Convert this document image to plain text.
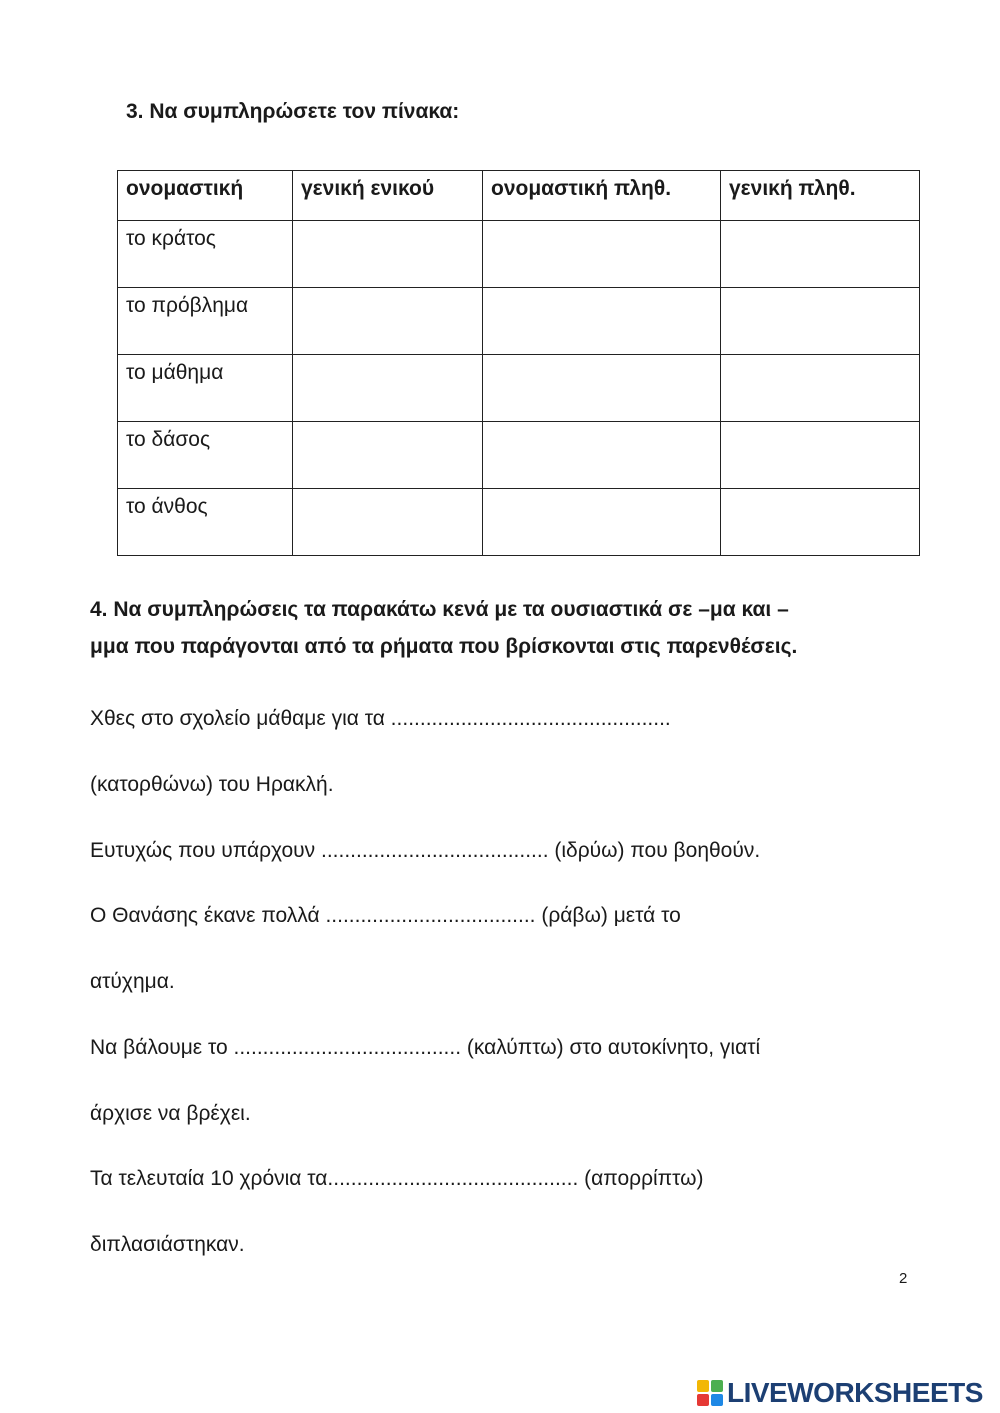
3. Να συμπληρώσετε τον πίνακα:
ονομαστική	γενική ενικού	ονομαστική πληθ.	γενική πληθ.
το κράτος			
το πρόβλημα			
το μάθημα			
το δάσος			
το άνθος			
4. Να συμπληρώσεις τα παρακάτω κενά με τα ουσιαστικά σε –μα και –
μμα που παράγονται από τα ρήματα που βρίσκονται στις παρενθέσεις.
Χθες στο σχολείο μάθαμε για τα ................................................
(κατορθώνω) του Ηρακλή.
Ευτυχώς που υπάρχουν ....................................... (ιδρύω) που βοηθούν.
Ο Θανάσης έκανε πολλά .................................... (ράβω) μετά το
ατύχημα.
Να βάλουμε το ....................................... (καλύπτω) στο αυτοκίνητο, γιατί
άρχισε να βρέχει.
Τα τελευταία 10 χρόνια τα........................................... (απορρίπτω)
διπλασιάστηκαν.
2
LIVEWORKSHEETS
